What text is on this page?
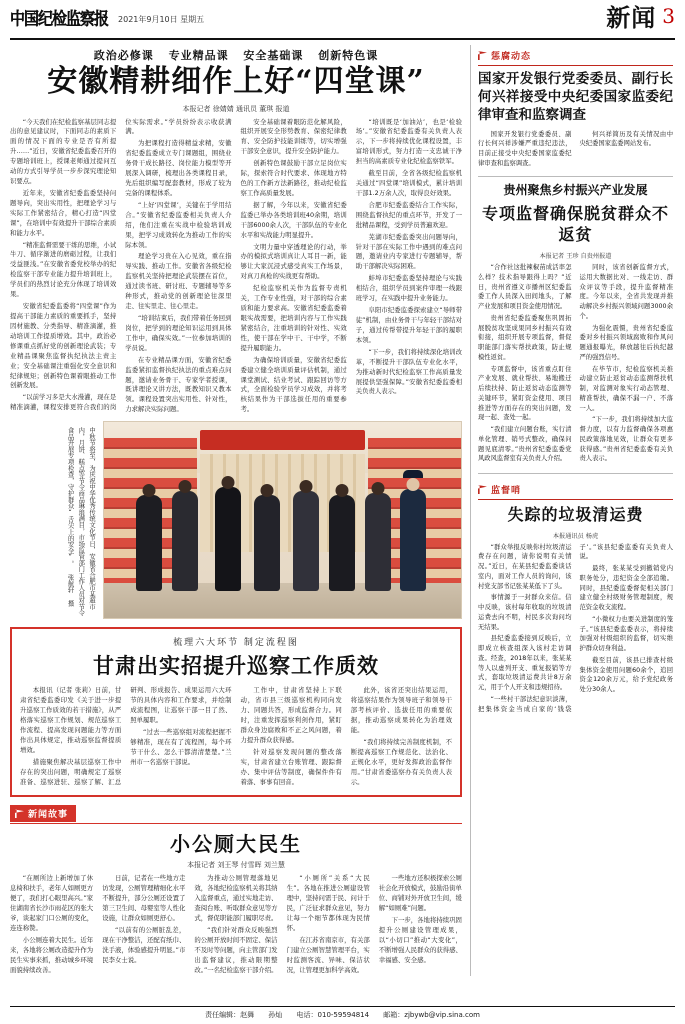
中国纪检监察报 2021年9月10日 星期五	新闻 3
政治必修课 专业精品课 安全基础课 创新特色课
安徽精耕细作上好“四堂课”
本报记者 徐婧婧 通讯员 董琪 报道

“今天我们在纪检监察基层同志提出的意见建议时，下面同志的素质下面的情况下面的专业是否有所提升……”近日，安徽省纪委监委召开的专题培训班上，授课老师通过提问互动的方式引导学员一步步深究理论知识要点。

近年来，安徽省纪委监委坚持问题导向，突出实用性，把理论学习与实际工作紧密结合，精心打造“四堂课”，在培训中有效提升干部综合素质和能力水平。

“精准监督需要干练的思维，小试牛刀、循序渐进的磨砺过程，让我们受益匪浅。”在安徽省委党校举办的纪检监察干部专业能力提升培训班上，学员们的热烈讨论充分体现了培训效果。

安徽省纪委监委将“四堂课”作为提高干部能力素质的重要抓手，坚持因材施教、分类指导、精准滴灌，推动培训工作提质增效。其中，政治必修课重点抓好党的创新理论武装；专业精品课聚焦监督执纪执法主责主业；安全基础课注重强化安全意识和纪律规矩；创新特色课着眼推动工作创新发展。

“以前学习多是大水漫灌，现在是精准滴灌，课程安排更符合我们的岗位实际需求。”学员纷纷表示收获满满。

为把课程打造得精益求精，安徽省纪委监委成立专门课题组，围绕业务骨干成长路径、岗位能力模型等开展深入调研，梳理出各类课程目录，先后组织编写配套教材，形成了较为完备的课程体系。

“上好‘四堂课’，关键在于学用结合。”安徽省纪委监委相关负责人介绍，他们注重在实战中检验培训成果，把学习成效转化为推动工作的实际本领。

理论学习贵在入心见效，重在指导实践、推动工作。安徽省各级纪检监察机关坚持把理论武装摆在首位，通过读书班、研讨班、专题辅导等多种形式，推动党的创新理论往深里走、往实里走、往心里走。

“培训结束后，我们带着任务回到岗位，把学到的理论知识运用到具体工作中，确保实效。”一位参加培训的学员说。

在专业精品课方面，安徽省纪委监委紧扣监督执纪执法的重点难点问题，邀请业务骨干、专家学者授课，既讲理论又讲方法，既教知识又教本领。课程设置突出实用性、针对性，力求解决实际问题。

安全基础课着眼防范化解风险，组织开展安全形势教育、保密纪律教育、安全防护技能训练等，切实增强干部安全意识，提升安全防护能力。

创新特色课鼓励干部立足岗位实际，探索符合时代要求、体现地方特色的工作新方法新路径，推动纪检监察工作高质量发展。

据了解，今年以来，安徽省纪委监委已举办各类培训班40余期，培训干部6000余人次，干部队伍的专业化水平和实战能力明显提升。

文明力量中穿透理论的行动，举办的模拟式培训真让人耳目一新，能够让大家沉浸式感受真实工作场景，对真刀真枪的实战更有帮助。

纪检监察机关作为监督专责机关，工作专业性强，对干部的综合素质和能力要求高。安徽省纪委监委着眼实战需要，把培训内容与工作实践紧密结合，注重培训的针对性、实效性，使干部在学中干、干中学，不断提升履职能力。

为确保培训质量，安徽省纪委监委建立健全培训质量评估机制，通过课堂测试、结业考试、跟踪回访等方式，全面检验学员学习成效，并将考核结果作为干部选拔任用的重要参考。

“培训既是‘加油站’，也是‘检验场’。”安徽省纪委监委有关负责人表示，下一步将持续优化课程设置，丰富培训形式，努力打造一支忠诚干净担当的高素质专业化纪检监察铁军。

截至目前，全省各级纪检监察机关通过“四堂课”培训模式，累计培训干部1.2万余人次，取得良好效果。

合肥市纪委监委结合工作实际，围绕监督执纪的重点环节，开发了一批精品课程，受到学员普遍欢迎。

芜湖市纪委监委突出问题导向，针对干部在实际工作中遇到的难点问题，邀请业内专家进行专题辅导，帮助干部解决实际困难。

蚌埠市纪委监委坚持理论与实践相结合，组织学员到案件审理一线跟班学习，在实践中提升业务能力。

阜阳市纪委监委探索建立“导师带徒”机制，由业务骨干与年轻干部结对子，通过传帮带提升年轻干部的履职本领。

“下一步，我们将持续深化培训改革，不断提升干部队伍专业化水平，为推动新时代纪检监察工作高质量发展提供坚强保障。”安徽省纪委监委相关负责人表示。

中秋节将至，为庆祝中华优秀传统文化节日，安徽省合肥市某超市内，月饼、糕点等节令商品琳琅满目，市场监管部门工作人员对节令食品开展专项检查，守护群众“舌尖上的安全”。 张航轩 摄
梳理六大环节 制定流程图
甘肃出实招提升巡察工作质效

本报讯（记者 张莉）日前，甘肃省纪委监委印发《关于进一步提升巡察工作质效的若干措施》，从严格落实巡察工作规划、规范巡察工作流程、提高发现问题能力等方面作出具体规定，推动巡察监督提质增效。

措施聚焦解决基层巡察工作中存在的突出问题，明确规定了巡察准备、巡察进驻、巡察了解、汇总研判、形成报告、成果运用六大环节的具体内容和工作要求，并绘制成流程图，让巡察干部一目了然、照单履职。

“过去一些巡察组对流程把握不够精准，现在有了流程图，每个环节干什么、怎么干都清清楚楚。”兰州市一名巡察干部说。

工作中，甘肃省坚持上下联动，省市县三级巡察机构同向发力、同题共答，形成监督合力。同时，注重发挥巡察利剑作用，紧盯群众身边腐败和不正之风问题，着力提升群众获得感。

针对巡察发现问题的整改落实，甘肃省建立台账管理、跟踪督办、集中评估等制度，确保件件有着落、事事有回音。

此外，该省还突出结果运用，将巡察结果作为领导班子和领导干部考核评价、选拔任用的重要依据，推动巡察成果转化为治理效能。

“我们将持续完善制度机制，不断提高巡察工作规范化、法治化、正规化水平，更好发挥政治监督作用。”甘肃省委巡察办有关负责人表示。

新闻故事
小公厕大民生
本报记者 刘王琴 付雪晖 刘兰慧

“在厕所边上新增加了休息椅和扶手，老年人如厕更方便了，我们打心眼里高兴。”家住湖南省长沙市雨花区的张大爷，谈起家门口公厕的变化，连连称赞。

小公厕连着大民生。近年来，各地将公厕改造提升作为民生实事来抓，推动城乡环境面貌持续改善。

日前，记者在一些地方走访发现，公厕管理精细化水平不断提升，部分公厕还设置了第三卫生间、母婴室等人性化设施，让群众如厕更舒心。

“以前有的公厕脏乱差，现在干净整洁，还配有纸巾、洗手液，体验感提升明显。”市民李女士说。

为推动公厕管理落地见效，各地纪检监察机关将其纳入监督重点，通过实地走访、查阅台账、听取群众意见等方式，督促职能部门履职尽责。

“我们针对群众反映强烈的公厕开放时间不固定、保洁不及时等问题，向主管部门发出监督建议，推动限期整改。”一名纪检监察干部介绍。

“小厕所”关系“大民生”。各地在推进公厕建设管理中，坚持问需于民、问计于民，广泛征求群众意见，努力让每一个细节都体现为民情怀。

在江苏省南京市，有关部门建立公厕智慧管理平台，实时监测客流、异味、保洁状况，让管理更加科学高效。

一些地方还积极探索公厕社会化开放模式，鼓励沿街单位、商铺对外开放卫生间，缓解“如厕难”问题。

下一步，各地将持续巩固提升公厕建设管理成果，以“小切口”推动“大变化”，不断增强人民群众的获得感、幸福感、安全感。

惩腐动态
国家开发银行党委委员、副行长何兴祥接受中央纪委国家监委纪律审查和监察调查

国家开发银行党委委员、副行长何兴祥涉嫌严重违纪违法，目前正接受中央纪委国家监委纪律审查和监察调查。

何兴祥简历及有关情况由中央纪委国家监委网站发布。

贵州聚焦乡村振兴产业发展
专项监督确保脱贫群众不返贫
本报记者 王珍 自贵州报道

“合作社这批辣椒苗成活率怎么样？技术指导跟得上吗？”近日，贵州省遵义市播州区纪委监委工作人员深入田间地头，了解产业发展和项目资金使用情况。

贵州省纪委监委聚焦巩固拓展脱贫攻坚成果同乡村振兴有效衔接，组织开展专项监督，督促职能部门落实帮扶政策，防止规模性返贫。

专项监督中，该省重点盯住产业发展、就业帮扶、易地搬迁后续扶持、防止返贫动态监测等关键环节，紧盯资金使用、项目推进等方面存在的突出问题，发现一起、查处一起。

“我们建立问题台账，实行清单化管理、销号式整改，确保问题见底清零。”贵州省纪委监委党风政风监督室有关负责人介绍。

同时，该省创新监督方式，运用大数据比对、一线走访、群众评议等手段，提升监督精准度。今年以来，全省共发现并推动解决乡村振兴领域问题3000余个。

为强化震慑，贵州省纪委监委对乡村振兴领域腐败和作风问题通报曝光，释放越往后执纪越严的强烈信号。

在毕节市，纪检监察机关推动建立防止返贫动态监测帮扶机制，对监测对象实行动态管理、精准帮扶，确保不漏一户、不落一人。

“下一步，我们将持续加大监督力度，以有力监督确保各项惠民政策落地见效，让群众有更多获得感。”贵州省纪委监委有关负责人表示。

监督哨
失踪的垃圾清运费
本报通讯员 杨虎

“群众举报反映你村垃圾清运费存在问题，请你说明有关情况。”近日，在某县纪委监委谈话室内，面对工作人员的询问，该村党支部书记张某某低下了头。

事情源于一封群众来信。信中反映，该村每年收取的垃圾清运费去向不明，村民多次询问均无结果。

县纪委监委接到反映后，立即成立核查组深入该村走访调查。经查，2018年以来，张某某等人以虚列开支、重复报销等方式，套取垃圾清运费共计8万余元，用于个人开支和违规招待。

“一些村干部法纪意识淡薄，把集体资金当成自家的‘钱袋子’。”该县纪委监委有关负责人说。

最终，张某某受到撤销党内职务处分，违纪资金全部追缴。同时，县纪委监委督促相关部门建立健全村级财务管理制度，规范资金收支流程。

“小微权力也要关进制度的笼子。”该县纪委监委表示，将持续加强对村级组织的监督，切实维护群众切身利益。

截至目前，该县已排查村级集体资金使用问题60余个，追回资金120余万元，给予党纪政务处分30余人。

责任编辑：赵舞 孙灿 电话：010-59594814 邮箱：zjbywb@vip.sina.com
